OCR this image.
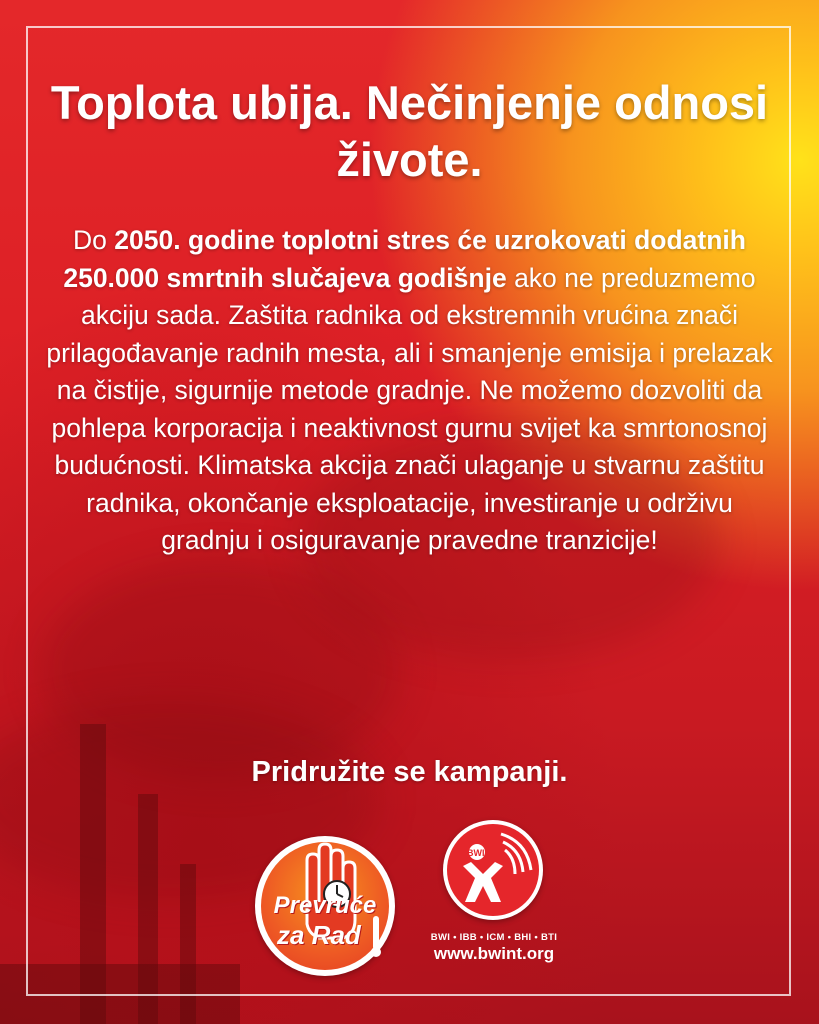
Toplota ubija. Nečinjenje odnosi živote.
Do 2050. godine toplotni stres će uzrokovati dodatnih 250.000 smrtnih slučajeva godišnje ako ne preduzmemo akciju sada. Zaštita radnika od ekstremnih vrućina znači prilagođavanje radnih mesta, ali i smanjenje emisija i prelazak na čistije, sigurnije metode gradnje. Ne možemo dozvoliti da pohlepa korporacija i neaktivnost gurnu svijet ka smrtonosnoj budućnosti. Klimatska akcija znači ulaganje u stvarnu zaštitu radnika, okončanje eksploatacije, investiranje u održivu gradnju i osiguravanje pravedne tranzicije!
Pridružite se kampanji.
Prevruće
za Rad
BWI
BWI • IBB • ICM • BHI • BTI
www.bwint.org
